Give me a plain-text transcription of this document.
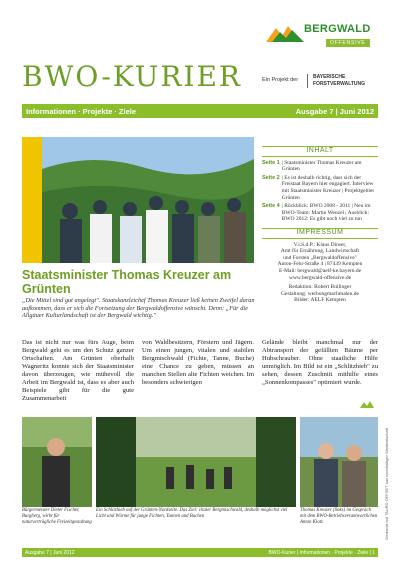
BERGWALD
OFFENSIVE
BWO-KURIER	Ein Projekt der	BAYERISCHE
FORSTVERWALTUNG
Informationen · Projekte · Ziele	Ausgabe 7 | Juni 2012
INHALT
Seite 1 | Staatsminister Thomas Kreuzer am Grünten
Seite 2 | Es ist deshalb richtig, dass sich der Freistaat Bayern hier engagiert. Interview mit Staatsminister Kreuzer | Projektgebiet Grünten
Seite 4 | Rückblick: BWO 2008 - 2011 | Neu im BWO-Team: Martin Wenzel | Ausblick: BWO 2012: Es gibt noch viel zu tun
IMPRESSUM
V.i.S.d.P.: Klaus Dinser,
Amt für Ernährung, Landwirtschaft
und Forsten „Bergwaldoffensive"
Anton-Fehr-Straße 4 | 87439 Kempten
E-Mail: bergwald@aelf-ke.bayern.de
www.bergwald-offensive.de
Redaktion: Robert Bullinger
Gestaltung: werbungmachmalen.de
Bilder: AELF Kempten
Staatsminister Thomas Kreuzer am Grünten
„Die Mittel sind gut angelegt". Staatskanzleichef Thomas Kreuzer ließ keinen Zweifel daran aufkommen, dass er sich die Fortsetzung der Bergwaldoffensive wünscht. Denn: „Für die Allgäuer Kulturlandschaft ist der Bergwald wichtig."
Das ist nicht nur was fürs Auge, beim Bergwald geht es um den Schutz ganzer Ortschaften. Am Grünten oberhalb Wagneritz konnte sich der Staatsminister davon überzeugen, wie mühevoll die Arbeit im Bergwald ist, dass es aber auch Beispiele gibt für die gute Zusammenarbeit
von Waldbesitzern, Förstern und Jägern. Um einen jungen, vitalen und stabilen Bergmischwald (Fichte, Tanne, Buche) eine Chance zu geben, müssen an manchen Stellen alte Fichten weichen. Im besonders schwierigen
Gelände bleibt manchmal nur der Abtransport der gefällten Bäume per Hubschrauber. Ohne staatliche Hilfe unmöglich. Im Bild ist ein „Schlitzhieb" zu sehen, dessen Zuschnitt mithilfe eines „Sonnenkompasses" optimiert wurde.
Bürgermeister Dieter Fischer, Burgberg, wirbt für naturverträgliche Freizeitgestaltung
Ein Schlitzhieb auf der Grünten-Nordseite. Das Ziel: vitaler Bergmischwald, deshalb möglichst viel Licht und Wärme für junge Fichten, Tannen und Buchen
Thomas Kreuzer (links) im Gespräch mit dem BWO-Betriebsverantwortlichen Anton Klotz
Ausgabe 7 | Juni 2012	BWO-Kurier | Informationen · Projekte · Ziele | 1
Gedruckt auf TAURO OFFSET aus nachhaltiger Waldwirtschaft
